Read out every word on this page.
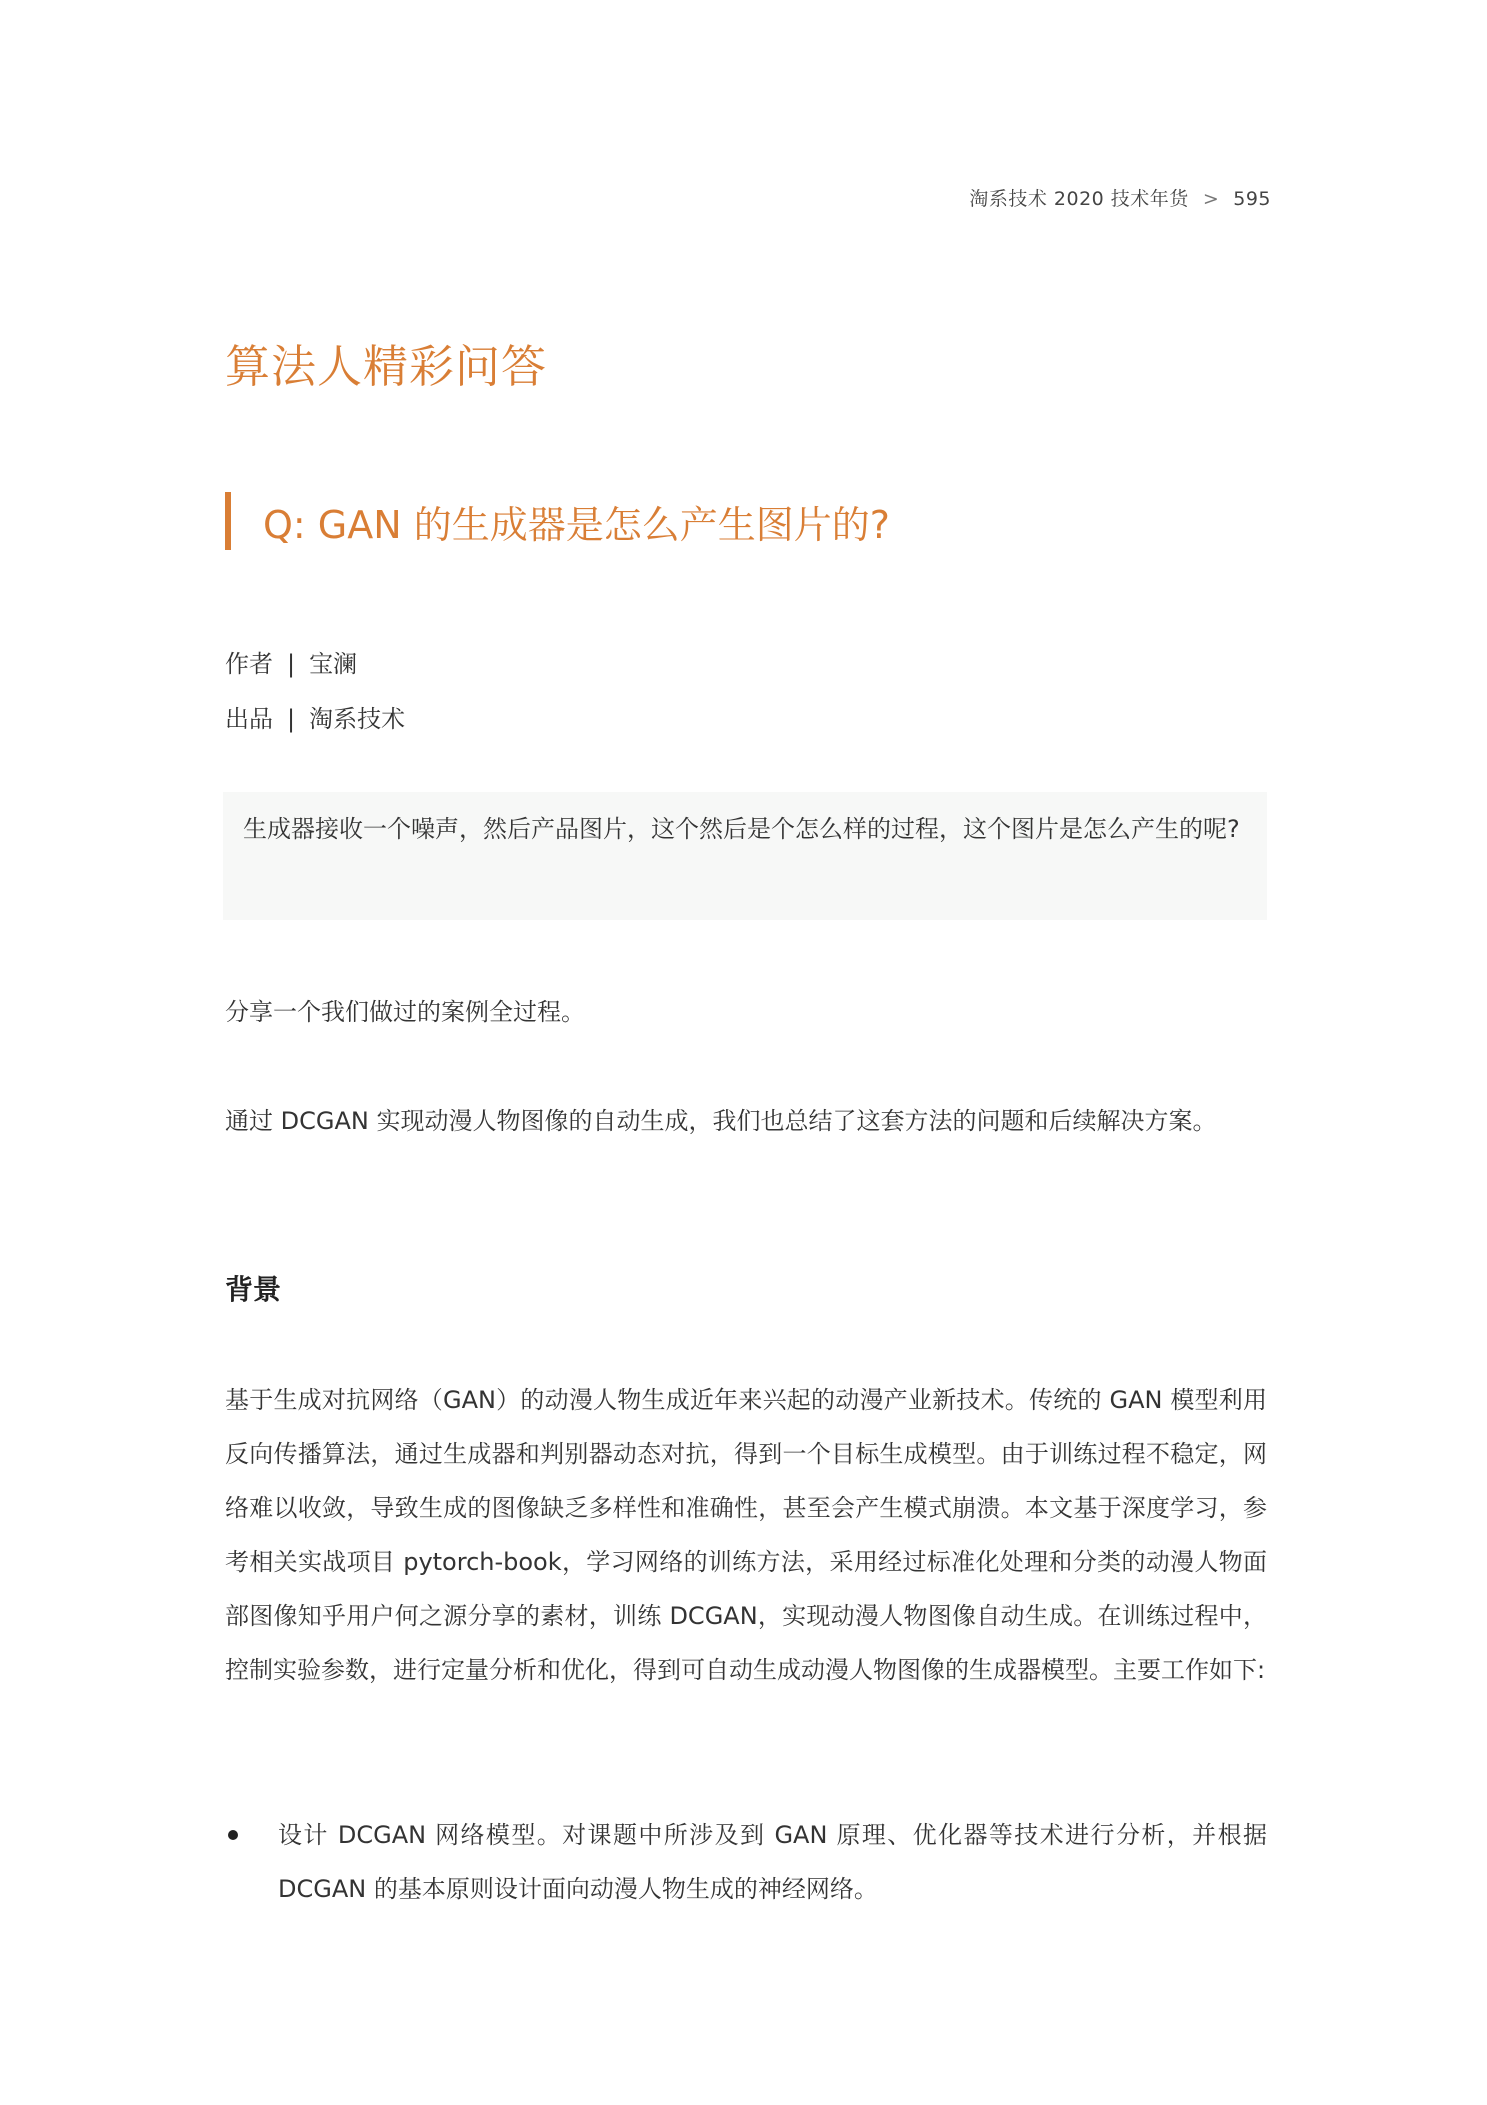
淘系技术 2020 技术年货 > 595
算法人精彩问答
Q: GAN 的生成器是怎么产生图片的?
作者 | 宝澜
出品 | 淘系技术
生成器接收一个噪声，然后产品图片，这个然后是个怎么样的过程，这个图片是怎么产生的呢?

分享一个我们做过的案例全过程。

通过 DCGAN 实现动漫人物图像的自动生成，我们也总结了这套方法的问题和后续解决方案。

背景

基于生成对抗网络（GAN）的动漫人物生成近年来兴起的动漫产业新技术。传统的 GAN 模型利用反向传播算法，通过生成器和判别器动态对抗，得到一个目标生成模型。由于训练过程不稳定，网络难以收敛，导致生成的图像缺乏多样性和准确性，甚至会产生模式崩溃。本文基于深度学习，参考相关实战项目 pytorch-book，学习网络的训练方法，采用经过标准化处理和分类的动漫人物面部图像知乎用户何之源分享的素材，训练 DCGAN，实现动漫人物图像自动生成。在训练过程中，控制实验参数，进行定量分析和优化，得到可自动生成动漫人物图像的生成器模型。主要工作如下:

设计 DCGAN 网络模型。对课题中所涉及到 GAN 原理、优化器等技术进行分析，并根据 DCGAN 的基本原则设计面向动漫人物生成的神经网络。
